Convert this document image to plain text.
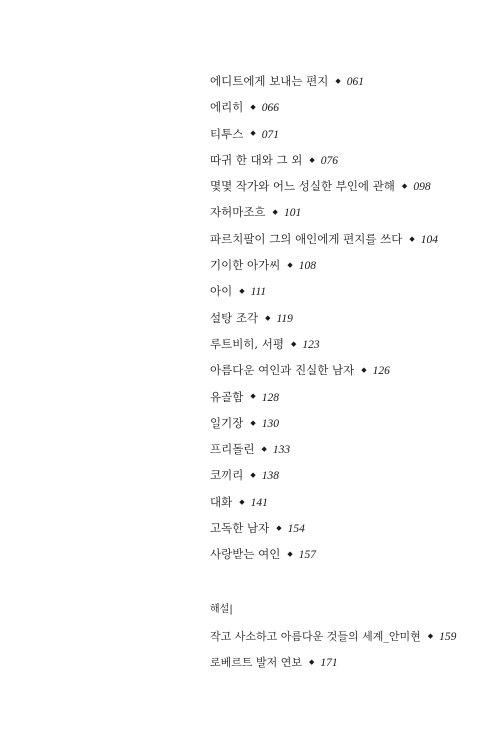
에디트에게 보내는 편지 ◆ 061
에리히 ◆ 066
티투스 ◆ 071
따귀 한 대와 그 외 ◆ 076
몇몇 작가와 어느 성실한 부인에 관해 ◆ 098
자허마조흐 ◆ 101
파르치팔이 그의 애인에게 편지를 쓰다 ◆ 104
기이한 아가씨 ◆ 108
아이 ◆ 111
설탕 조각 ◆ 119
루트비히, 서평 ◆ 123
아름다운 여인과 진실한 남자 ◆ 126
유골함 ◆ 128
일기장 ◆ 130
프리돌린 ◆ 133
코끼리 ◆ 138
대화 ◆ 141
고독한 남자 ◆ 154
사랑받는 여인 ◆ 157
해설|
작고 사소하고 아름다운 것들의 세계_안미현 ◆ 159
로베르트 발저 연보 ◆ 171
